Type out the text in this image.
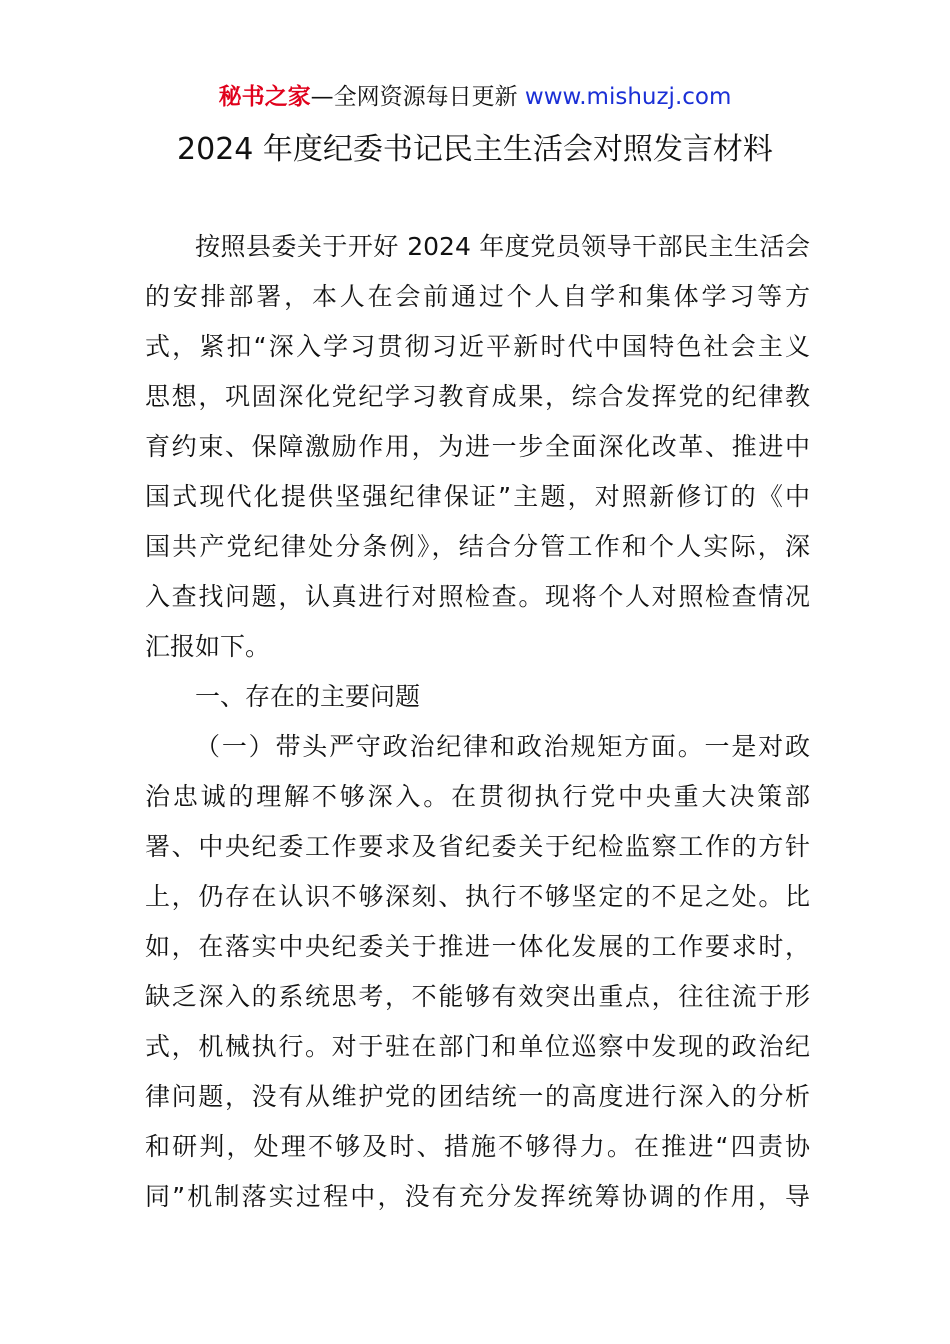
秘书之家—全网资源每日更新 www.mishuzj.com
2024 年度纪委书记民主生活会对照发言材料
按照县委关于开好 2024 年度党员领导干部民主生活会
的安排部署，本人在会前通过个人自学和集体学习等方
式，紧扣“深入学习贯彻习近平新时代中国特色社会主义
思想，巩固深化党纪学习教育成果，综合发挥党的纪律教
育约束、保障激励作用，为进一步全面深化改革、推进中
国式现代化提供坚强纪律保证”主题，对照新修订的《中
国共产党纪律处分条例》，结合分管工作和个人实际，深
入查找问题，认真进行对照检查。现将个人对照检查情况
汇报如下。
一、存在的主要问题
（一）带头严守政治纪律和政治规矩方面。一是对政
治忠诚的理解不够深入。在贯彻执行党中央重大决策部
署、中央纪委工作要求及省纪委关于纪检监察工作的方针
上，仍存在认识不够深刻、执行不够坚定的不足之处。比
如，在落实中央纪委关于推进一体化发展的工作要求时，
缺乏深入的系统思考，不能够有效突出重点，往往流于形
式，机械执行。对于驻在部门和单位巡察中发现的政治纪
律问题，没有从维护党的团结统一的高度进行深入的分析
和研判，处理不够及时、措施不够得力。在推进“四责协
同”机制落实过程中，没有充分发挥统筹协调的作用，导
